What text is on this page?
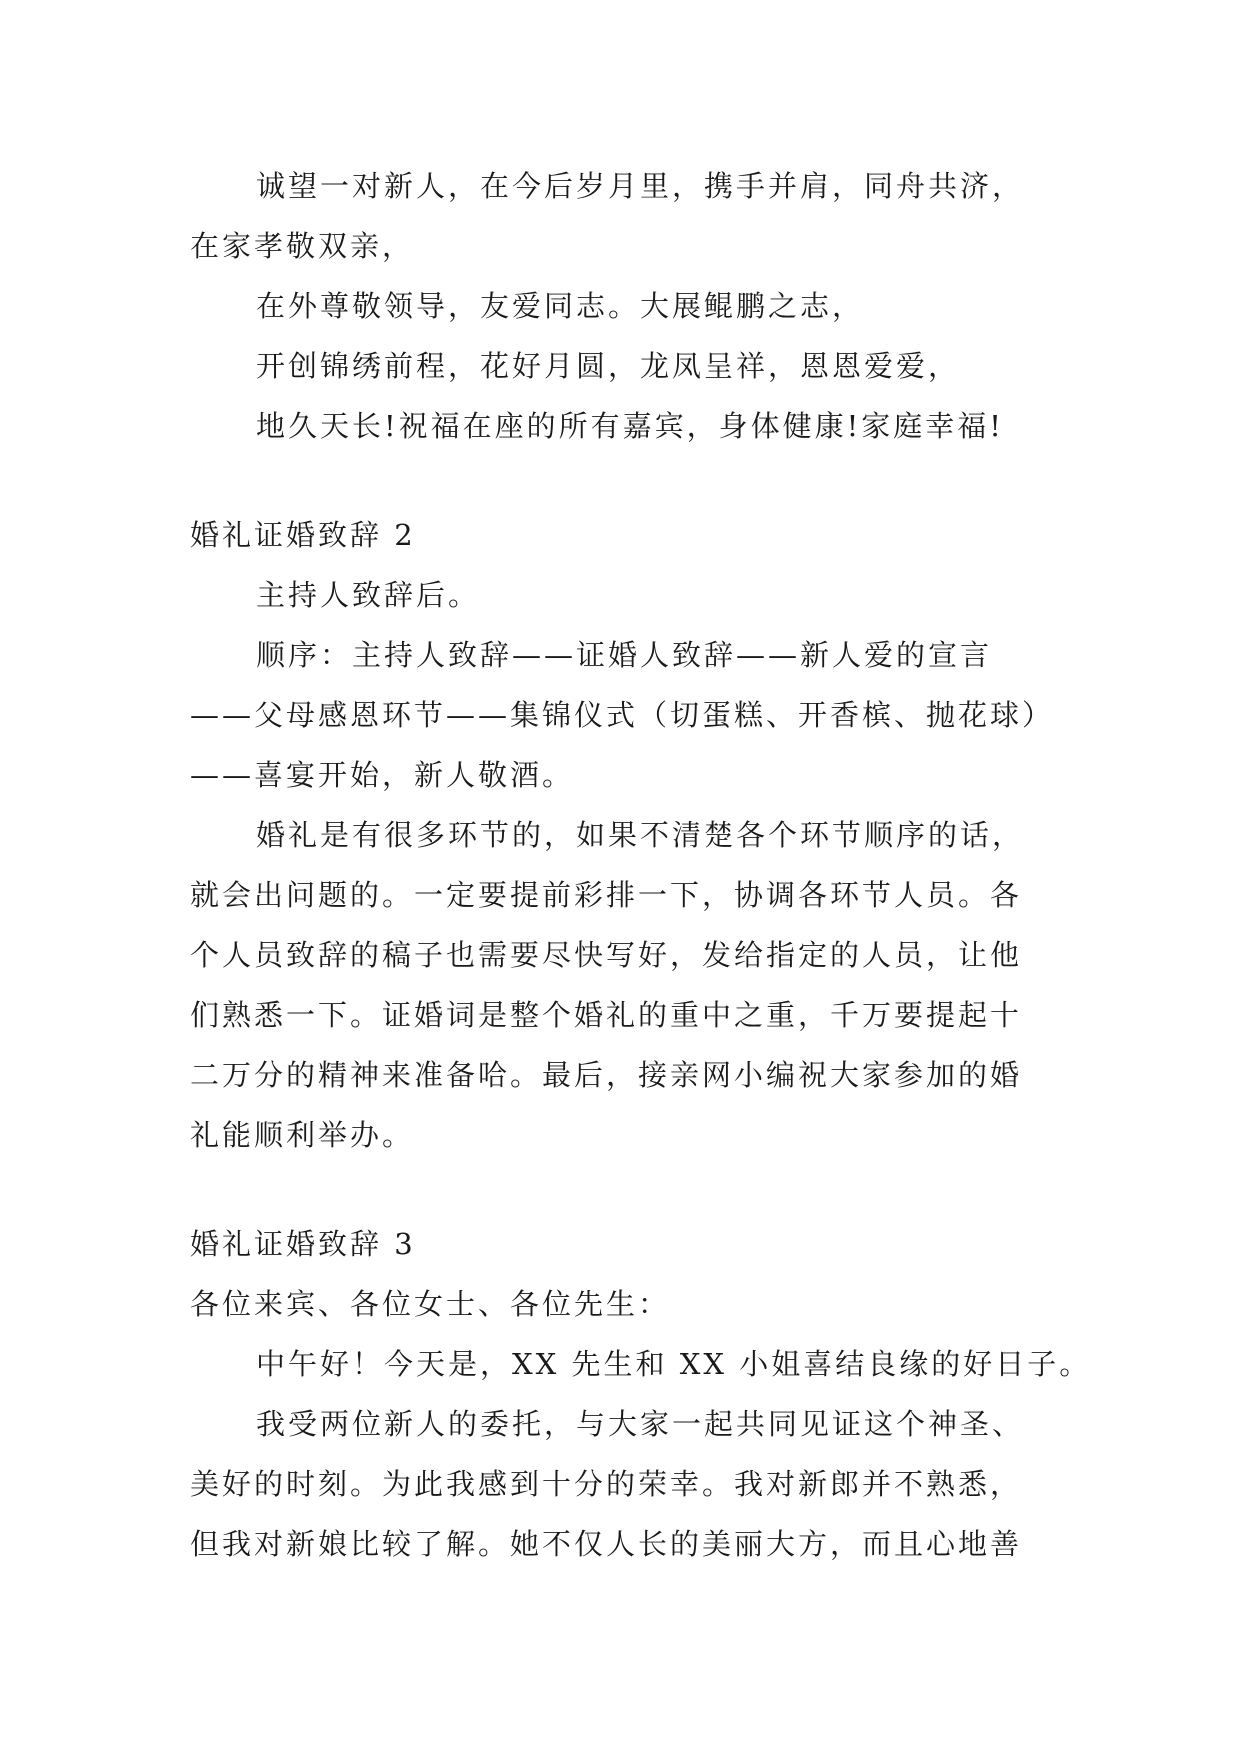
诚望一对新人，在今后岁月里，携手并肩，同舟共济，
在家孝敬双亲，
在外尊敬领导，友爱同志。大展鲲鹏之志，
开创锦绣前程，花好月圆，龙凤呈祥，恩恩爱爱，
地久天长!祝福在座的所有嘉宾，身体健康!家庭幸福!
婚礼证婚致辞 2
主持人致辞后。
顺序：主持人致辞——证婚人致辞——新人爱的宣言
——父母感恩环节——集锦仪式（切蛋糕、开香槟、抛花球）
——喜宴开始，新人敬酒。
婚礼是有很多环节的，如果不清楚各个环节顺序的话，
就会出问题的。一定要提前彩排一下，协调各环节人员。各
个人员致辞的稿子也需要尽快写好，发给指定的人员，让他
们熟悉一下。证婚词是整个婚礼的重中之重，千万要提起十
二万分的精神来准备哈。最后，接亲网小编祝大家参加的婚
礼能顺利举办。
婚礼证婚致辞 3
各位来宾、各位女士、各位先生：
中午好！今天是，XX 先生和 XX 小姐喜结良缘的好日子。
我受两位新人的委托，与大家一起共同见证这个神圣、
美好的时刻。为此我感到十分的荣幸。我对新郎并不熟悉，
但我对新娘比较了解。她不仅人长的美丽大方，而且心地善
